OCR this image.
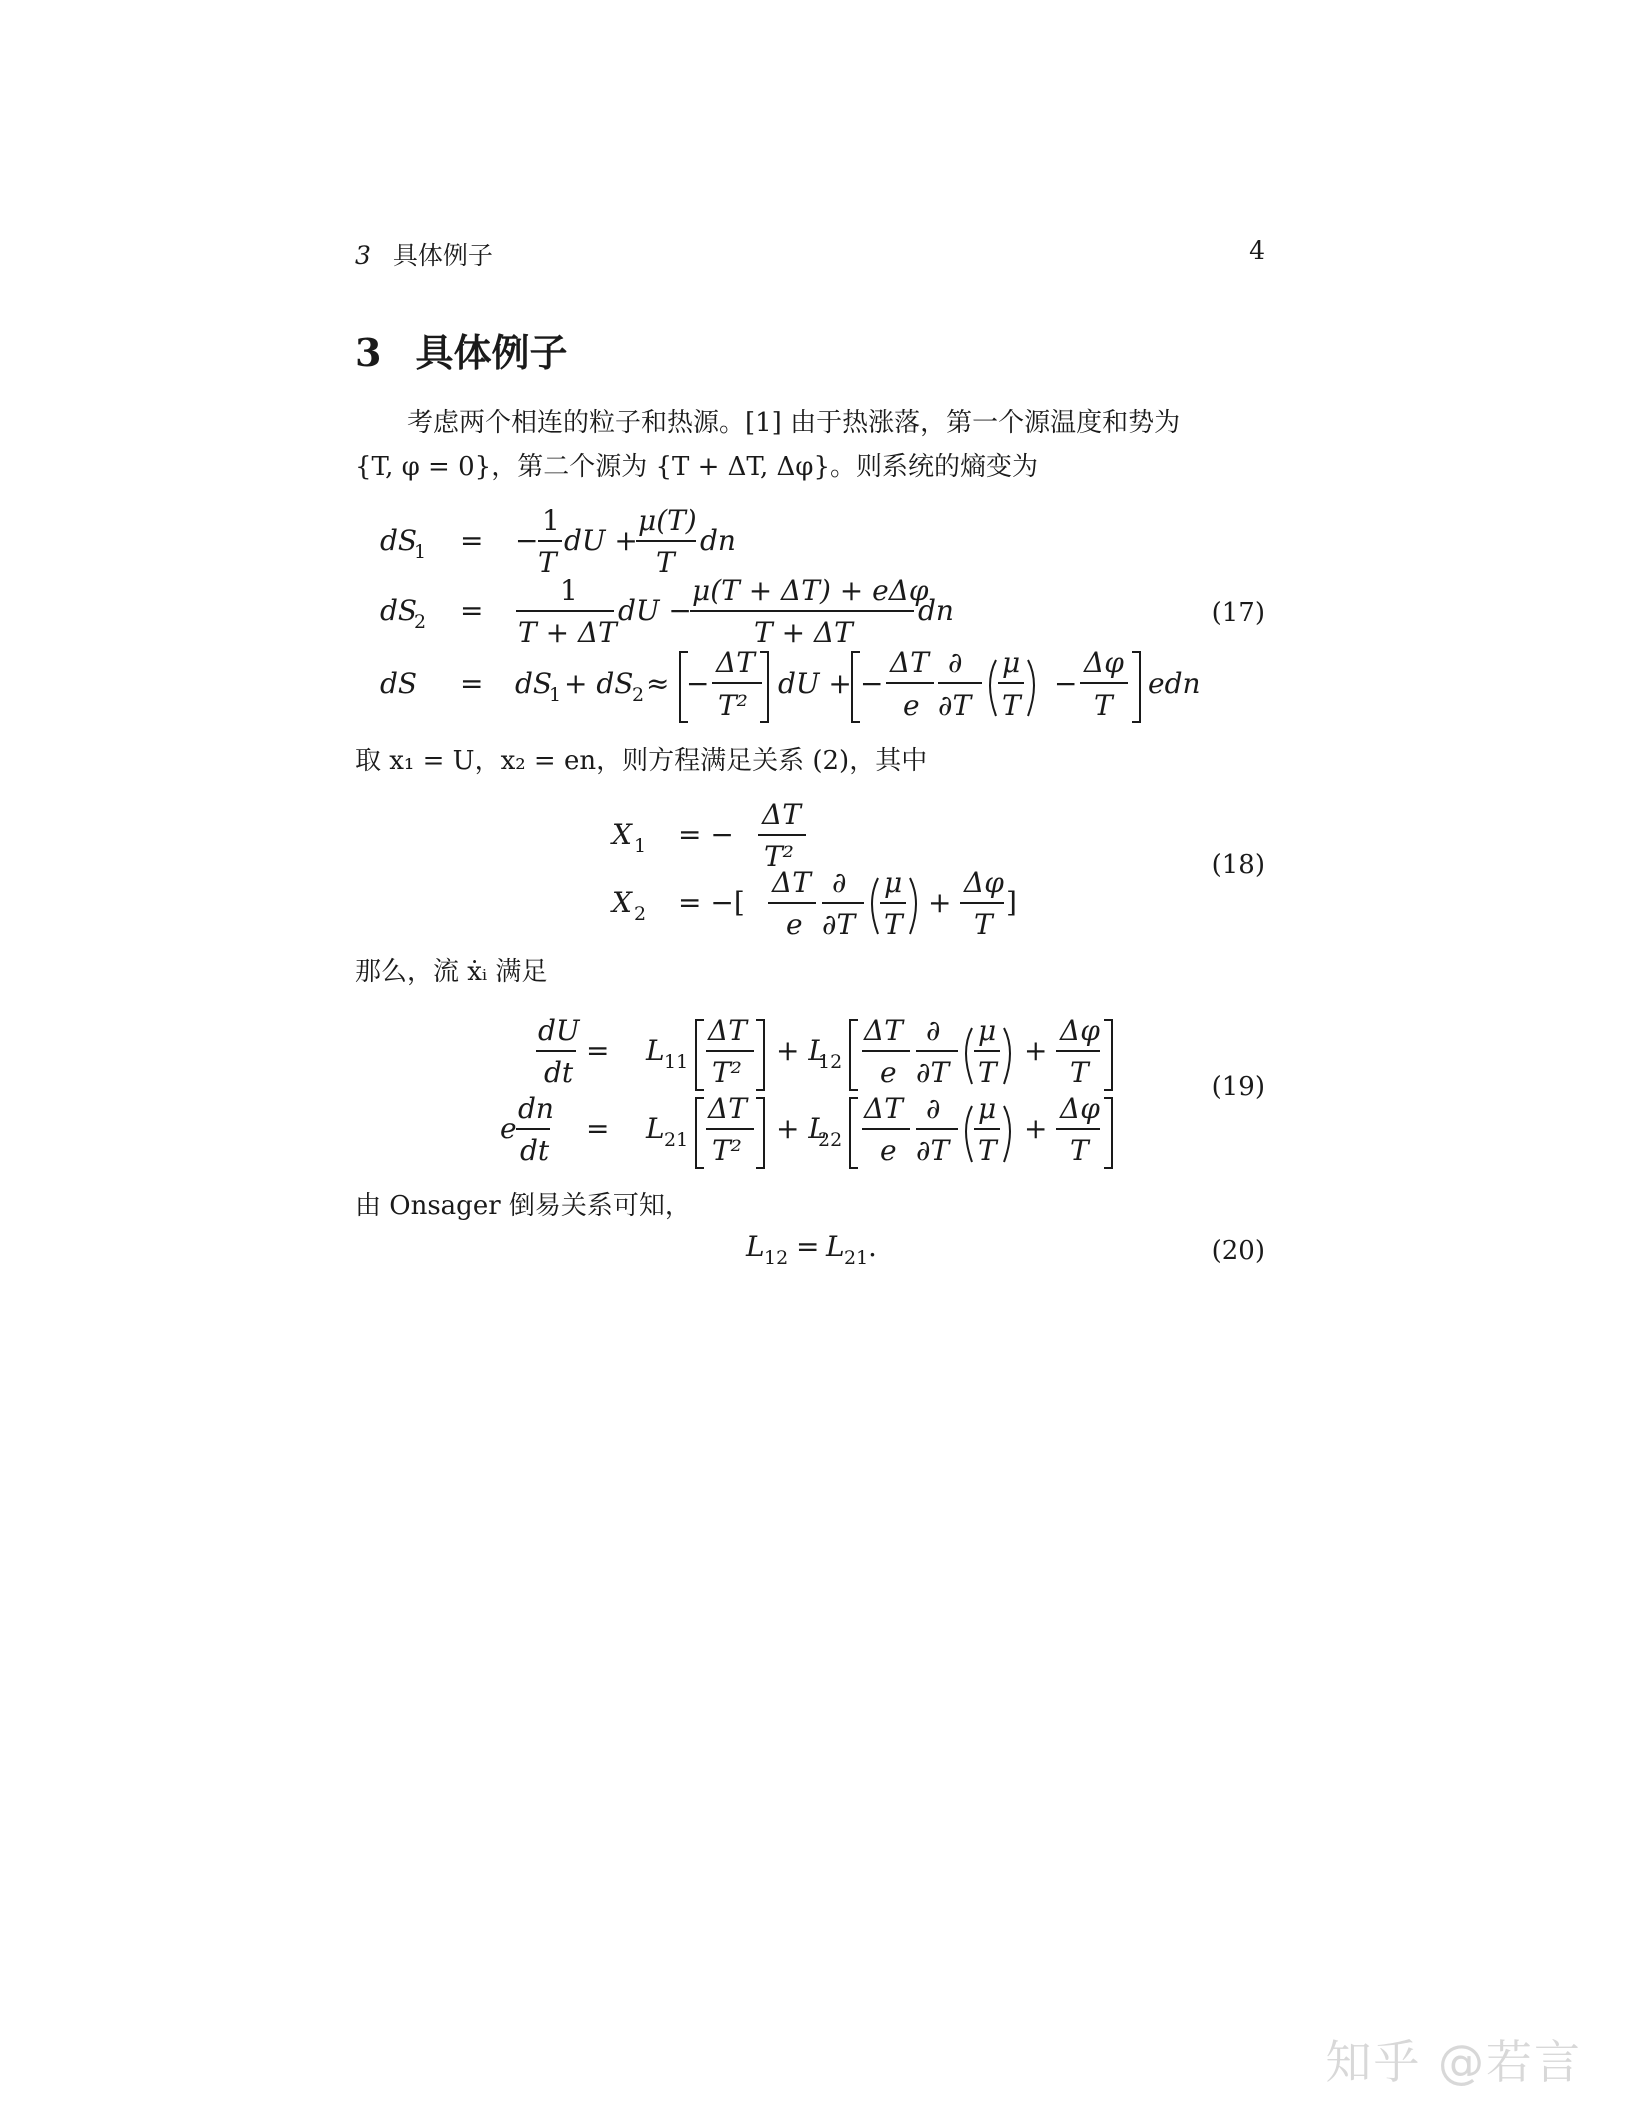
3 具体例子	4
3 具体例子
考虑两个相连的粒子和热源。[1] 由于热涨落，第一个源温度和势为
{T, φ = 0}，第二个源为 {T + ΔT, Δφ}。则系统的熵变为
取 x₁ = U，x₂ = en，则方程满足关系 (2)，其中
那么，流 ẋᵢ 满足
由 Onsager 倒易关系可知，
(17)
(18)
(19)
(20)
dS
1 = −
1
T
dU +
μ(T)
T
dn
dS
2 =
1
T + ΔT
dU −
μ(T + ΔT) + eΔφ
T + ΔT
dn
dS = dS
1 + dS
2 ≈ −
ΔT
T²
dU + −
ΔT
e
∂
∂T
μ
T
−
Δφ
T
edn
X 1 = −
ΔT
T²
X 2 = −[
ΔT
e
∂
∂T
μ
T
+
Δφ
T
]
dU
dt
= L 11
ΔT
T²
+ L
12
ΔT
e
∂
∂T
μ
T
+
Δφ
T
e
dn
dt
= L 21
ΔT
T²
+ L
22
ΔT
e
∂
∂T
μ
T
+
Δφ
T
L 12 = L 21 .
知乎 @若言
